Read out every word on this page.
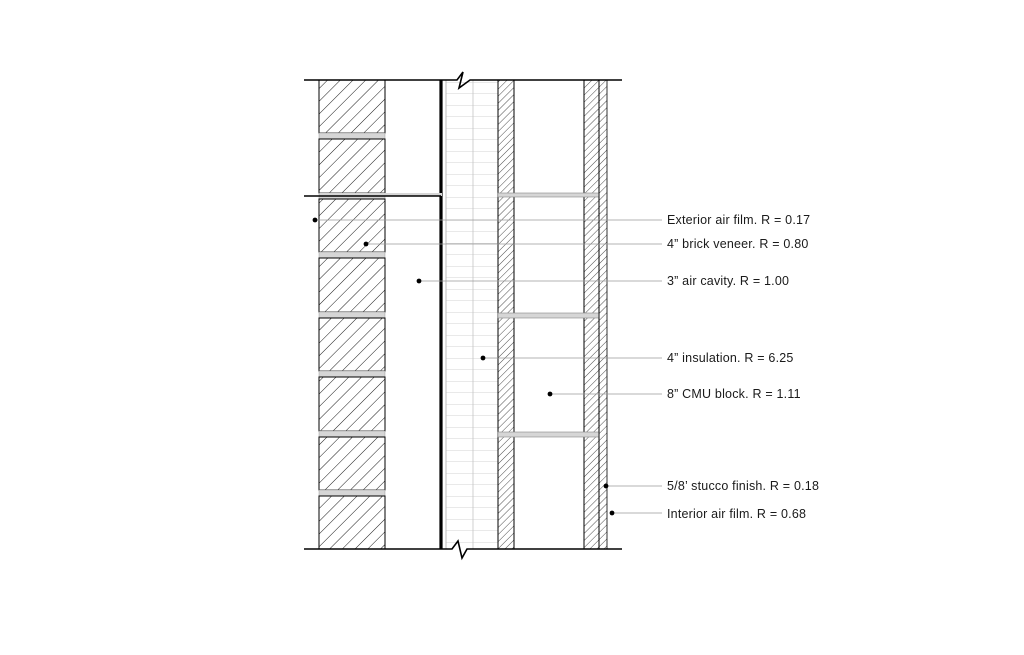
Exterior air film. R = 0.17
4” brick veneer. R = 0.80
3” air cavity. R = 1.00
4” insulation. R = 6.25
8” CMU block. R = 1.11
5/8’ stucco finish. R = 0.18
Interior air film. R = 0.68
